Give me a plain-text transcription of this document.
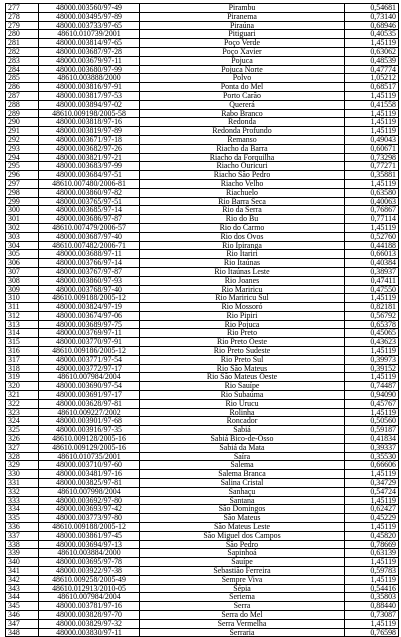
277	48000.003560/97-49	Pirambu	0,54681
278	48000.003495/97-89	Piranema	0,73140
279	48000.003733/97-65	Piraúna	0,68946
280	48610.010739/2001	Pitiguari	0,40535
281	48000.003814/97-65	Poço Verde	1,45119
282	48000.003687/97-28	Poço Xavier	0,63062
283	48000.003679/97-11	Pojuca	0,48539
284	48000.003680/97-99	Pojuca Norte	0,47774
285	48610.003888/2000	Polvo	1,05212
286	48000.003816/97-91	Ponta do Mel	0,68517
287	48000.003817/97-53	Porto Carão	1,45119
288	48000.003894/97-02	Quererá	0,41558
289	48610.009198/2005-58	Rabo Branco	1,45119
290	48000.003818/97-16	Redonda	1,45119
291	48000.003819/97-89	Redonda Profundo	1,45119
292	48000.003671/97-18	Remanso	0,49043
293	48000.003682/97-26	Riacho da Barra	0,60671
294	48000.003821/97-21	Riacho da Forquilha	0,73298
295	48000.003683/97-99	Riacho Ouricuri	0,77271
296	48000.003684/97-51	Riacho São Pedro	0,35881
297	48610.007480/2006-81	Riacho Velho	1,45119
298	48000.003860/97-82	Riachuelo	0,63580
299	48000.003765/97-51	Rio Barra Seca	0,40063
300	48000.003685/97-14	Rio da Serra	0,76867
301	48000.003686/97-87	Rio do Bu	0,77114
302	48610.007479/2006-57	Rio do Carmo	1,45119
303	48000.003687/97-40	Rio dos Ovos	0,52760
304	48610.007482/2006-71	Rio Ipiranga	0,44188
305	48000.003688/97-11	Rio Itariri	0,66013
306	48000.003766/97-14	Rio Itaúnas	0,40384
307	48000.003767/97-87	Rio Itaúnas Leste	0,38937
308	48000.003860/97-93	Rio Joanes	0,47411
309	48000.003768/97-40	Rio Mariricu	0,47550
310	48610.009188/2005-12	Rio Mariricu Sul	1,45119
311	48000.003824/97-19	Rio Mossoró	0,82181
312	48000.003674/97-06	Rio Pipiri	0,56792
313	48000.003689/97-75	Rio Pojuca	0,65378
314	48000.003769/97-11	Rio Preto	0,45065
315	48000.003770/97-91	Rio Preto Oeste	0,43623
316	48610.009186/2005-12	Rio Preto Sudeste	1,45119
317	48000.003771/97-54	Rio Preto Sul	0,39973
318	48000.003772/97-17	Rio São Mateus	0,39152
319	48610.007984/2004	Rio São Mateus Oeste	1,45119
320	48000.003690/97-54	Rio Sauípe	0,74487
321	48000.003691/97-17	Rio Subaúma	0,94090
322	48000.003628/97-81	Rio Urucu	0,45767
323	48610.009227/2002	Rolinha	1,45119
324	48000.003901/97-68	Roncador	0,50560
325	48000.003916/97-35	Sabiá	0,59187
326	48610.009128/2005-16	Sabiá Bico-de-Osso	0,41834
327	48610.009129/2005-16	Sabiá da Mata	0,39337
328	48610.010735/2001	Saíra	0,35530
329	48000.003710/97-60	Salema	0,66606
330	48000.003481/97-16	Salema Branca	1,45119
331	48000.003825/97-81	Salina Cristal	0,34729
332	48610.007998/2004	Sanhaçu	0,54724
333	48000.003692/97-80	Santana	1,45119
334	48000.003693/97-42	São Domingos	0,62427
335	48000.003773/97-80	São Mateus	0,45229
336	48610.009188/2005-12	São Mateus Leste	1,45119
337	48000.003861/97-45	São Miguel dos Campos	0,45820
338	48000.003694/97-13	São Pedro	0,78669
339	48610.003884/2000	Sapinhoá	0,63139
340	48000.003695/97-78	Sauípe	1,45119
341	48000.003922/97-38	Sebastião Ferreira	0,59783
342	48610.009258/2005-49	Sempre Viva	1,45119
343	48610.012913/2010-05	Sépia	0,54416
344	48610.007984/2004	Seriema	0,35803
345	48000.003781/97-16	Serra	0,88440
346	48000.003828/97-70	Serra do Mel	0,73087
347	48000.003829/97-32	Serra Vermelha	1,45119
348	48000.003830/97-11	Serraria	0,76598
